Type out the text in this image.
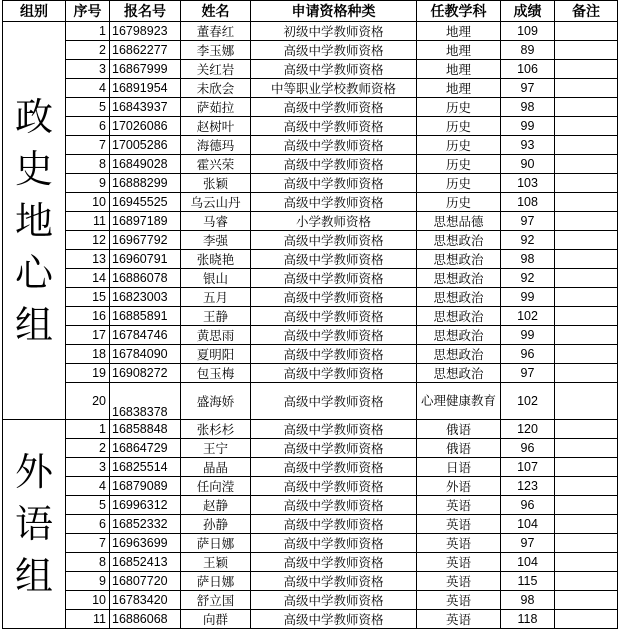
组别	序号	报名号	姓名	申请资格种类	任教学科	成绩	备注
政史地心组	1	16798923	董春红	初级中学教师资格	地理	109	
	2	16862277	李玉娜	高级中学教师资格	地理	89	
	3	16867999	关红岩	高级中学教师资格	地理	106	
	4	16891954	未欣会	中等职业学校教师资格	地理	97	
	5	16843937	萨茹拉	高级中学教师资格	历史	98	
	6	17026086	赵树叶	高级中学教师资格	历史	99	
	7	17005286	海德玛	高级中学教师资格	历史	93	
	8	16849028	霍兴荣	高级中学教师资格	历史	90	
	9	16888299	张颖	高级中学教师资格	历史	103	
	10	16945525	乌云山丹	高级中学教师资格	历史	108	
	11	16897189	马睿	小学教师资格	思想品德	97	
	12	16967792	李强	高级中学教师资格	思想政治	92	
	13	16960791	张晓艳	高级中学教师资格	思想政治	98	
	14	16886078	银山	高级中学教师资格	思想政治	92	
	15	16823003	五月	高级中学教师资格	思想政治	99	
	16	16885891	王静	高级中学教师资格	思想政治	102	
	17	16784746	黄思雨	高级中学教师资格	思想政治	99	
	18	16784090	夏明阳	高级中学教师资格	思想政治	96	
	19	16908272	包玉梅	高级中学教师资格	思想政治	97	
	20	16838378	盛海娇	高级中学教师资格	心理健康教育	102	
外语组	1	16858848	张杉杉	高级中学教师资格	俄语	120	
	2	16864729	王宁	高级中学教师资格	俄语	96	
	3	16825514	晶晶	高级中学教师资格	日语	107	
	4	16879089	任向滢	高级中学教师资格	外语	123	
	5	16996312	赵静	高级中学教师资格	英语	96	
	6	16852332	孙静	高级中学教师资格	英语	104	
	7	16963699	萨日娜	高级中学教师资格	英语	97	
	8	16852413	王颖	高级中学教师资格	英语	104	
	9	16807720	萨日娜	高级中学教师资格	英语	115	
	10	16783420	舒立国	高级中学教师资格	英语	98	
	11	16886068	向群	高级中学教师资格	英语	118	
